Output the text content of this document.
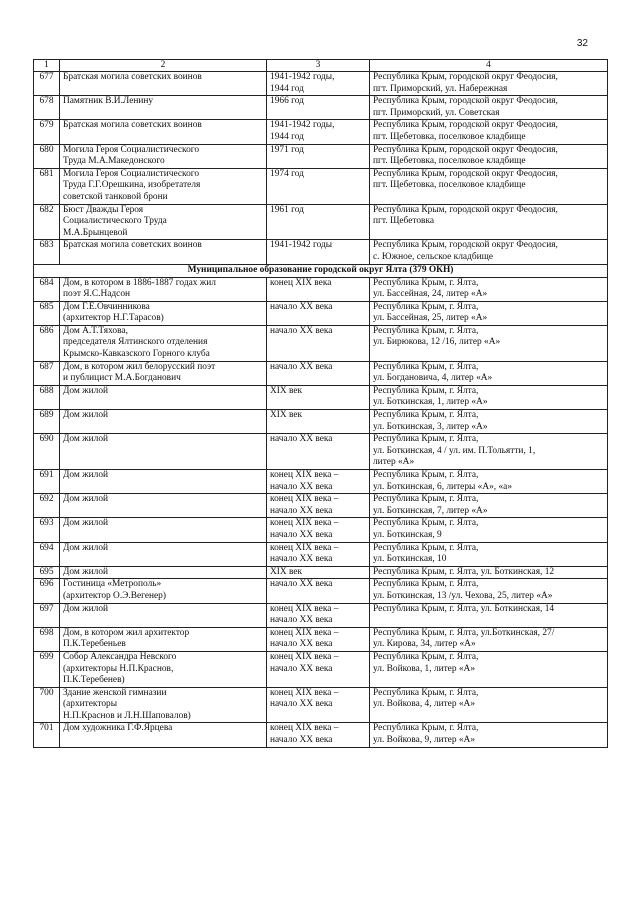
32
1	2	3	4
677	Братская могила советских воинов	1941-1942 годы,
1944 год	Республика Крым, городской округ Феодосия,
пгт. Приморский, ул. Набережная
678	Памятник В.И.Ленину	1966 год	Республика Крым, городской округ Феодосия,
пгт. Приморский, ул. Советская
679	Братская могила советских воинов	1941-1942 годы,
1944 год	Республика Крым, городской округ Феодосия,
пгт. Щебетовка, поселковое кладбище
680	Могила Героя Социалистического
Труда М.А.Македонского	1971 год	Республика Крым, городской округ Феодосия,
пгт. Щебетовка, поселковое кладбище
681	Могила Героя Социалистического
Труда Г.Г.Орешкина, изобретателя
советской танковой брони	1974 год	Республика Крым, городской округ Феодосия,
пгт. Щебетовка, поселковое кладбище
682	Бюст Дважды Героя
Социалистического Труда
М.А.Брынцевой	1961 год	Республика Крым, городской округ Феодосия,
пгт. Щебетовка
683	Братская могила советских воинов	1941-1942 годы	Республика Крым, городской округ Феодосия,
с. Южное, сельское кладбище
Муниципальное образование городской округ Ялта (379 ОКН)			
684	Дом, в котором в 1886-1887 годах жил
поэт Я.С.Надсон	конец XIX века	Республика Крым, г. Ялта,
ул. Бассейная, 24, литер «А»
685	Дом Г.Е.Овчинникова
(архитектор Н.Г.Тарасов)	начало XX века	Республика Крым, г. Ялта,
ул. Бассейная, 25, литер «А»
686	Дом А.Т.Тяхова,
председателя Ялтинского отделения
Крымско-Кавказского Горного клуба	начало XX века	Республика Крым, г. Ялта,
ул. Бирюкова, 12 /16, литер «А»
687	Дом, в котором жил белорусский поэт
и публицист М.А.Богданович	начало XX века	Республика Крым, г. Ялта,
ул. Богдановича, 4, литер «А»
688	Дом жилой	XIX век	Республика Крым, г. Ялта,
ул. Боткинская, 1, литер «А»
689	Дом жилой	XIX век	Республика Крым, г. Ялта,
ул. Боткинская, 3, литер «А»
690	Дом жилой	начало XX века	Республика Крым, г. Ялта,
ул. Боткинская, 4 / ул. им. П.Тольятти, 1,
литер «А»
691	Дом жилой	конец XIX века –
начало XX века	Республика Крым, г. Ялта,
ул. Боткинская, 6, литеры «А», «а»
692	Дом жилой	конец XIX века –
начало XX века	Республика Крым, г. Ялта,
ул. Боткинская, 7, литер «А»
693	Дом жилой	конец XIX века –
начало XX века	Республика Крым, г. Ялта,
ул. Боткинская, 9
694	Дом жилой	конец XIX века –
начало XX века	Республика Крым, г. Ялта,
ул. Боткинская, 10
695	Дом жилой	XIX век	Республика Крым, г. Ялта, ул. Боткинская, 12
696	Гостиница «Метрополь»
(архитектор О.Э.Вегенер)	начало XX века	Республика Крым, г. Ялта,
ул. Боткинская, 13 /ул. Чехова, 25, литер «А»
697	Дом жилой	конец XIX века –
начало XX века	Республика Крым, г. Ялта, ул. Боткинская, 14
698	Дом, в котором жил архитектор
П.К.Теребеньев	конец XIX века –
начало XX века	Республика Крым, г. Ялта, ул.Боткинская, 27/
ул. Кирова, 34, литер «А»
699	Собор Александра Невского
(архитекторы Н.П.Краснов,
П.К.Теребенев)	конец XIX века –
начало XX века	Республика Крым, г. Ялта,
ул. Войкова, 1, литер «А»
700	Здание женской гимназии
(архитекторы
Н.П.Краснов и Л.Н.Шаповалов)	конец XIX века –
начало XX века	Республика Крым, г. Ялта,
ул. Войкова, 4, литер «А»
701	Дом художника Г.Ф.Ярцева	конец XIX века –
начало XX века	Республика Крым, г. Ялта,
ул. Войкова, 9, литер «А»
